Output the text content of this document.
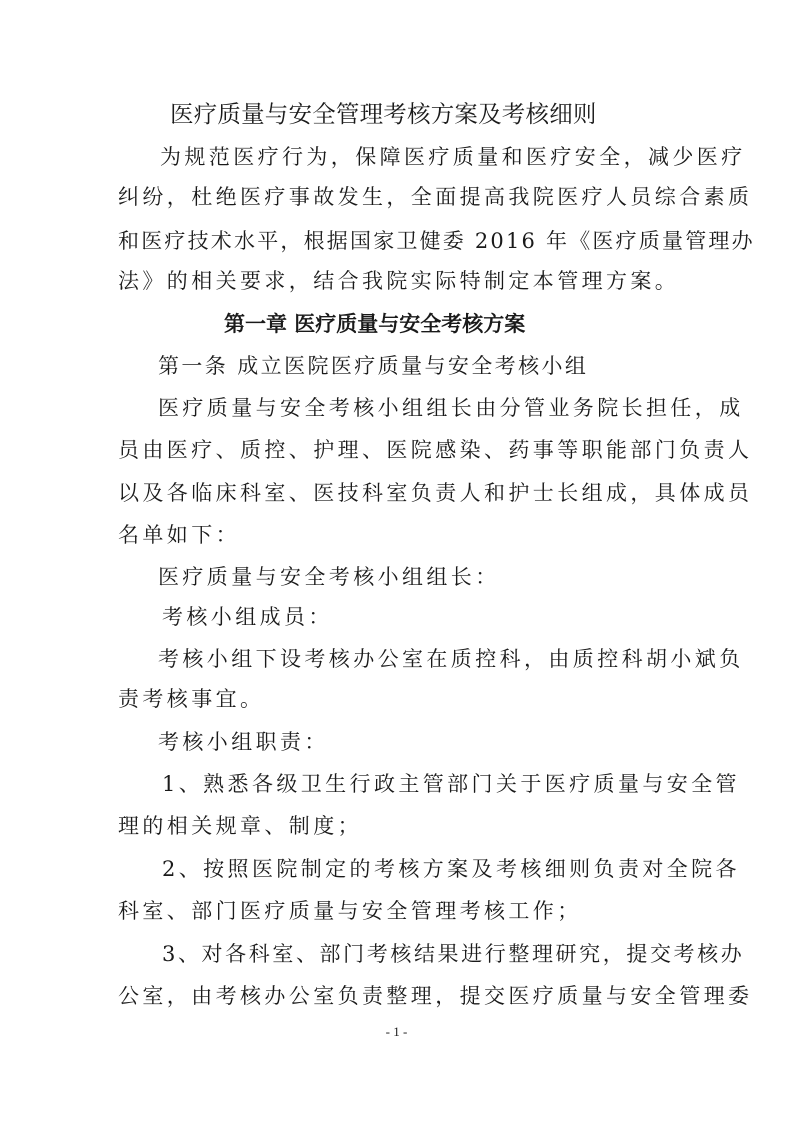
医疗质量与安全管理考核方案及考核细则
为规范医疗行为，保障医疗质量和医疗安全，减少医疗
纠纷，杜绝医疗事故发生，全面提高我院医疗人员综合素质
和医疗技术水平，根据国家卫健委 2016 年《医疗质量管理办
法》的相关要求，结合我院实际特制定本管理方案。
第一章 医疗质量与安全考核方案
第一条 成立医院医疗质量与安全考核小组
医疗质量与安全考核小组组长由分管业务院长担任，成
员由医疗、质控、护理、医院感染、药事等职能部门负责人
以及各临床科室、医技科室负责人和护士长组成，具体成员
名单如下：
医疗质量与安全考核小组组长：
考核小组成员：
考核小组下设考核办公室在质控科，由质控科胡小斌负
责考核事宜。
考核小组职责：
1、熟悉各级卫生行政主管部门关于医疗质量与安全管
理的相关规章、制度；
2、按照医院制定的考核方案及考核细则负责对全院各
科室、部门医疗质量与安全管理考核工作；
3、对各科室、部门考核结果进行整理研究，提交考核办
公室，由考核办公室负责整理，提交医疗质量与安全管理委
- 1 -
